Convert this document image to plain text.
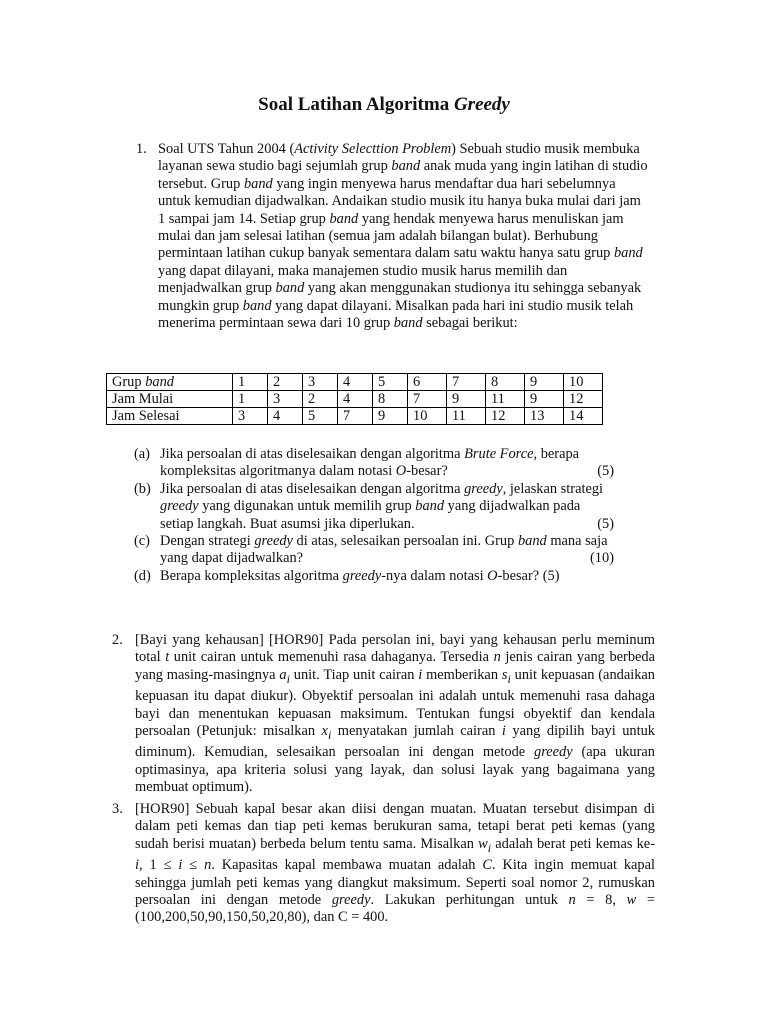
Soal Latihan Algoritma Greedy
1. Soal UTS Tahun 2004 (Activity Selecttion Problem) Sebuah studio musik membuka layanan sewa studio bagi sejumlah grup band anak muda yang ingin latihan di studio tersebut. Grup band yang ingin menyewa harus mendaftar dua hari sebelumnya untuk kemudian dijadwalkan. Andaikan studio musik itu hanya buka mulai dari jam 1 sampai jam 14. Setiap grup band yang hendak menyewa harus menuliskan jam mulai dan jam selesai latihan (semua jam adalah bilangan bulat). Berhubung permintaan latihan cukup banyak sementara dalam satu waktu hanya satu grup band yang dapat dilayani, maka manajemen studio musik harus memilih dan menjadwalkan grup band yang akan menggunakan studionya itu sehingga sebanyak mungkin grup band yang dapat dilayani. Misalkan pada hari ini studio musik telah menerima permintaan sewa dari 10 grup band sebagai berikut:
Grup band	1	2	3	4	5	6	7	8	9	10
Jam Mulai	1	3	2	4	8	7	9	11	9	12
Jam Selesai	3	4	5	7	9	10	11	12	13	14
(a) Jika persoalan di atas diselesaikan dengan algoritma Brute Force, berapa kompleksitas algoritmanya dalam notasi O-besar?	(5)
(b) Jika persoalan di atas diselesaikan dengan algoritma greedy, jelaskan strategi greedy yang digunakan untuk memilih grup band yang dijadwalkan pada setiap langkah. Buat asumsi jika diperlukan.	(5)
(c) Dengan strategi greedy di atas, selesaikan persoalan ini. Grup band mana saja yang dapat dijadwalkan?	(10)
(d) Berapa kompleksitas algoritma greedy-nya dalam notasi O-besar? (5)
2. [Bayi yang kehausan] [HOR90] Pada persolan ini, bayi yang kehausan perlu meminum total t unit cairan untuk memenuhi rasa dahaganya. Tersedia n jenis cairan yang berbeda yang masing-masingnya $a_i$ unit. Tiap unit cairan i memberikan $s_i$ unit kepuasan (andaikan kepuasan itu dapat diukur). Obyektif persoalan ini adalah untuk memenuhi rasa dahaga bayi dan menentukan kepuasan maksimum. Tentukan fungsi obyektif dan kendala persoalan (Petunjuk: misalkan $x_i$ menyatakan jumlah cairan i yang dipilih bayi untuk diminum). Kemudian, selesaikan persoalan ini dengan metode greedy (apa ukuran optimasinya, apa kriteria solusi yang layak, dan solusi layak yang bagaimana yang membuat optimum).
3. [HOR90] Sebuah kapal besar akan diisi dengan muatan. Muatan tersebut disimpan di dalam peti kemas dan tiap peti kemas berukuran sama, tetapi berat peti kemas (yang sudah berisi muatan) berbeda belum tentu sama. Misalkan $w_i$ adalah berat peti kemas ke-i, 1 ≤ i ≤ n. Kapasitas kapal membawa muatan adalah C. Kita ingin memuat kapal sehingga jumlah peti kemas yang diangkut maksimum. Seperti soal nomor 2, rumuskan persoalan ini dengan metode greedy. Lakukan perhitungan untuk n = 8, w = (100,200,50,90,150,50,20,80), dan C = 400.
